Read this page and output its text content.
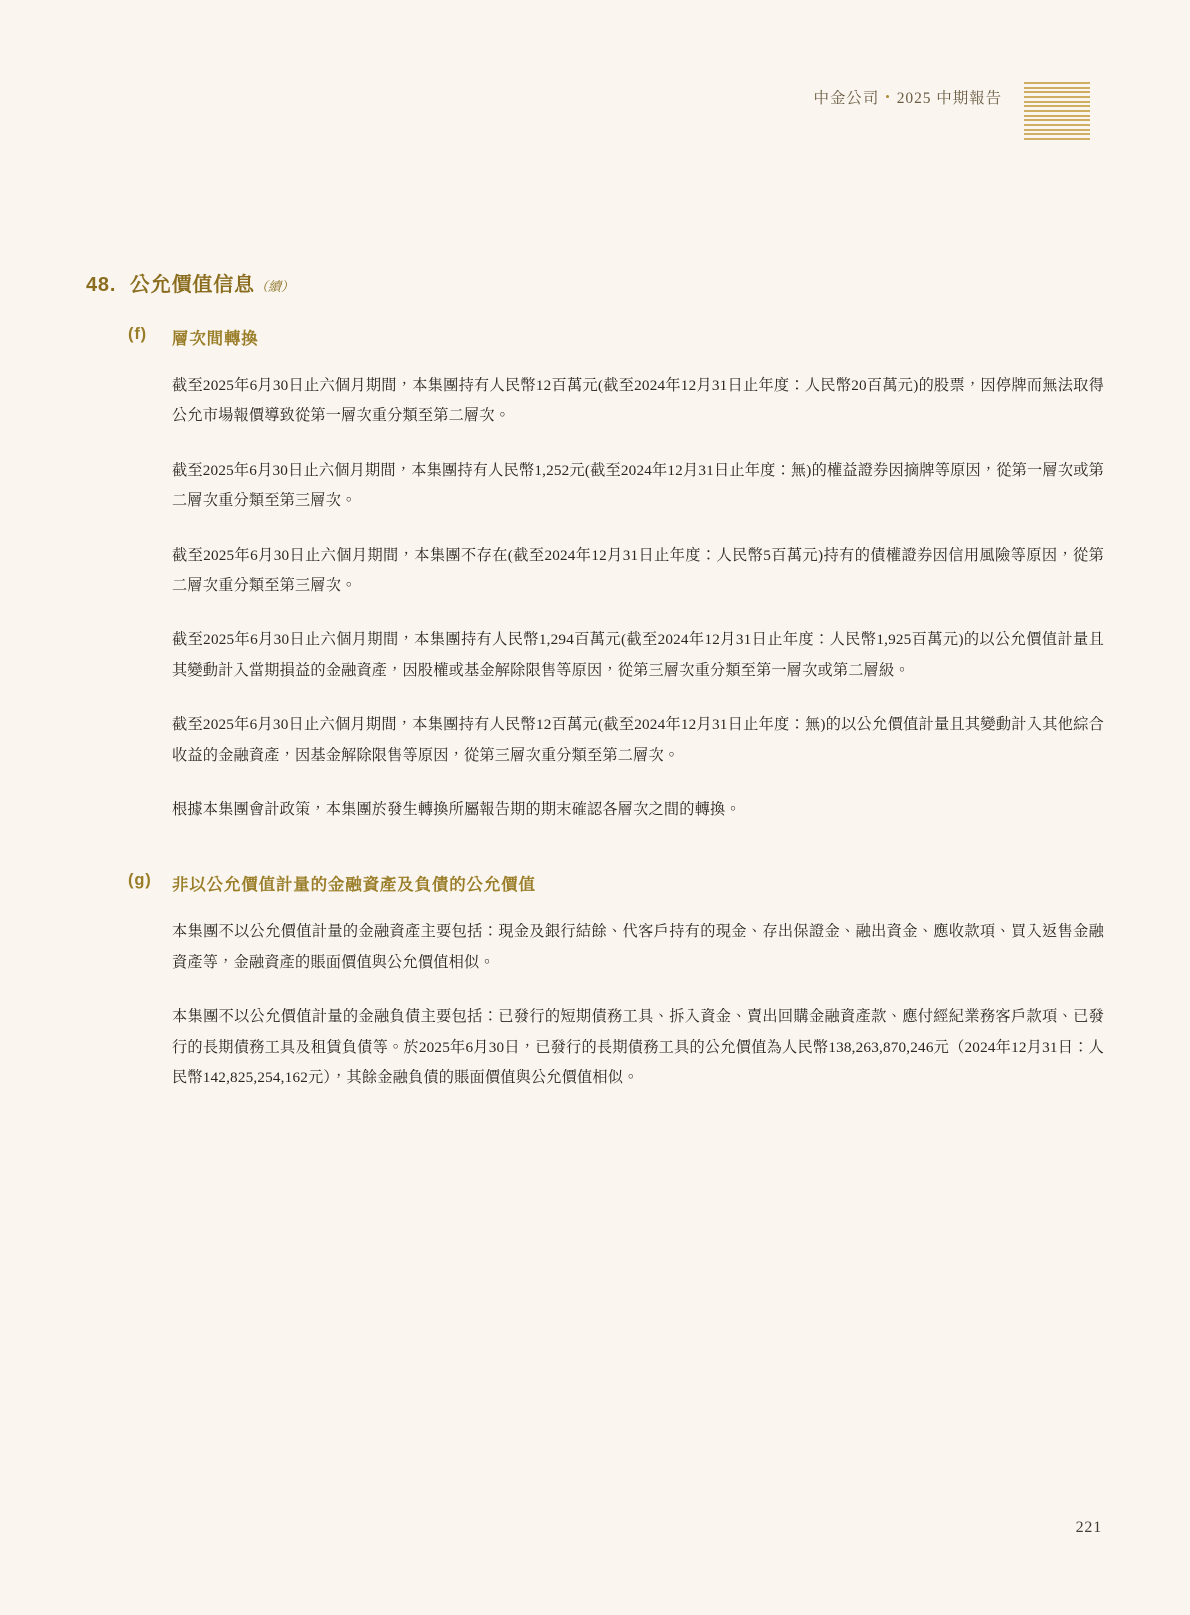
中金公司 • 2025 中期報告
48. 公允價值信息（續）
(f)	層次間轉換

截至2025年6月30日止六個月期間，本集團持有人民幣12百萬元(截至2024年12月31日止年度：人民幣20百萬元)的股票，因停牌而無法取得公允市場報價導致從第一層次重分類至第二層次。

截至2025年6月30日止六個月期間，本集團持有人民幣1,252元(截至2024年12月31日止年度：無)的權益證券因摘牌等原因，從第一層次或第二層次重分類至第三層次。

截至2025年6月30日止六個月期間，本集團不存在(截至2024年12月31日止年度：人民幣5百萬元)持有的債權證券因信用風險等原因，從第二層次重分類至第三層次。

截至2025年6月30日止六個月期間，本集團持有人民幣1,294百萬元(截至2024年12月31日止年度：人民幣1,925百萬元)的以公允價值計量且其變動計入當期損益的金融資產，因股權或基金解除限售等原因，從第三層次重分類至第一層次或第二層級。

截至2025年6月30日止六個月期間，本集團持有人民幣12百萬元(截至2024年12月31日止年度：無)的以公允價值計量且其變動計入其他綜合收益的金融資產，因基金解除限售等原因，從第三層次重分類至第二層次。

根據本集團會計政策，本集團於發生轉換所屬報告期的期末確認各層次之間的轉換。

(g)	非以公允價值計量的金融資產及負債的公允價值

本集團不以公允價值計量的金融資產主要包括：現金及銀行結餘、代客戶持有的現金、存出保證金、融出資金、應收款項、買入返售金融資產等，金融資產的賬面價值與公允價值相似。

本集團不以公允價值計量的金融負債主要包括：已發行的短期債務工具、拆入資金、賣出回購金融資產款、應付經紀業務客戶款項、已發行的長期債務工具及租賃負債等。於2025年6月30日，已發行的長期債務工具的公允價值為人民幣138,263,870,246元（2024年12月31日：人民幣142,825,254,162元），其餘金融負債的賬面價值與公允價值相似。

221
